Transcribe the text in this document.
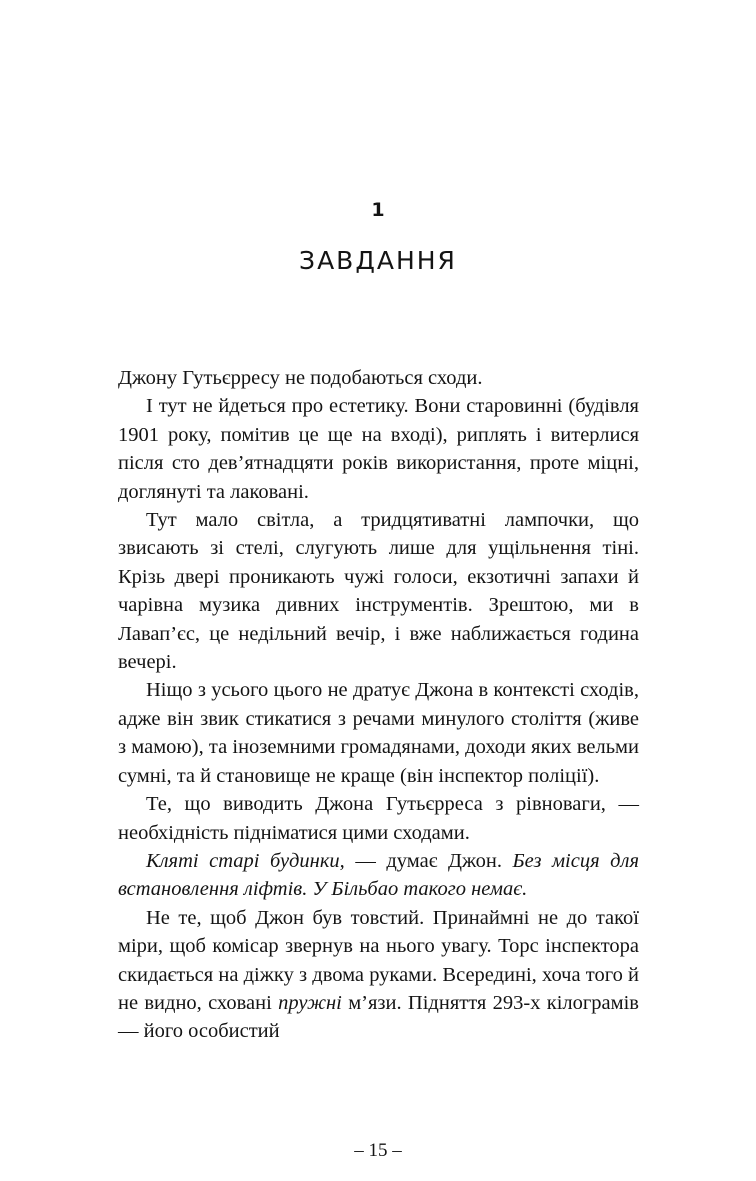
1
ЗАВДАННЯ

Джону Гутьєрресу не подобаються сходи.

І тут не йдеться про естетику. Вони старовинні (будівля 1901 року, помітив це ще на вході), риплять і витерлися після сто дев’ятнадцяти років використання, проте міцні, доглянуті та лаковані.

Тут мало світла, а тридцятиватні лампочки, що звисають зі стелі, слугують лише для ущільнення тіні. Крізь двері проникають чужі голоси, екзотичні запахи й чарівна музика дивних інструментів. Зрештою, ми в Лавап’єс, це недільний вечір, і вже наближається година вечері.

Ніщо з усього цього не дратує Джона в контексті сходів, адже він звик стикатися з речами минулого століття (живе з мамою), та іноземними громадянами, доходи яких вельми сумні, та й становище не краще (він інспектор поліції).

Те, що виводить Джона Гутьєрреса з рівноваги, — необхідність підніматися цими сходами.

Кляті старі будинки, — думає Джон. Без місця для встановлення ліфтів. У Більбао такого немає.

Не те, щоб Джон був товстий. Принаймні не до такої міри, щоб комісар звернув на нього увагу. Торс інспектора скидається на діжку з двома руками. Всередині, хоча того й не видно, сховані пружні м’язи. Підняття 293-х кілограмів — його особистий

– 15 –
